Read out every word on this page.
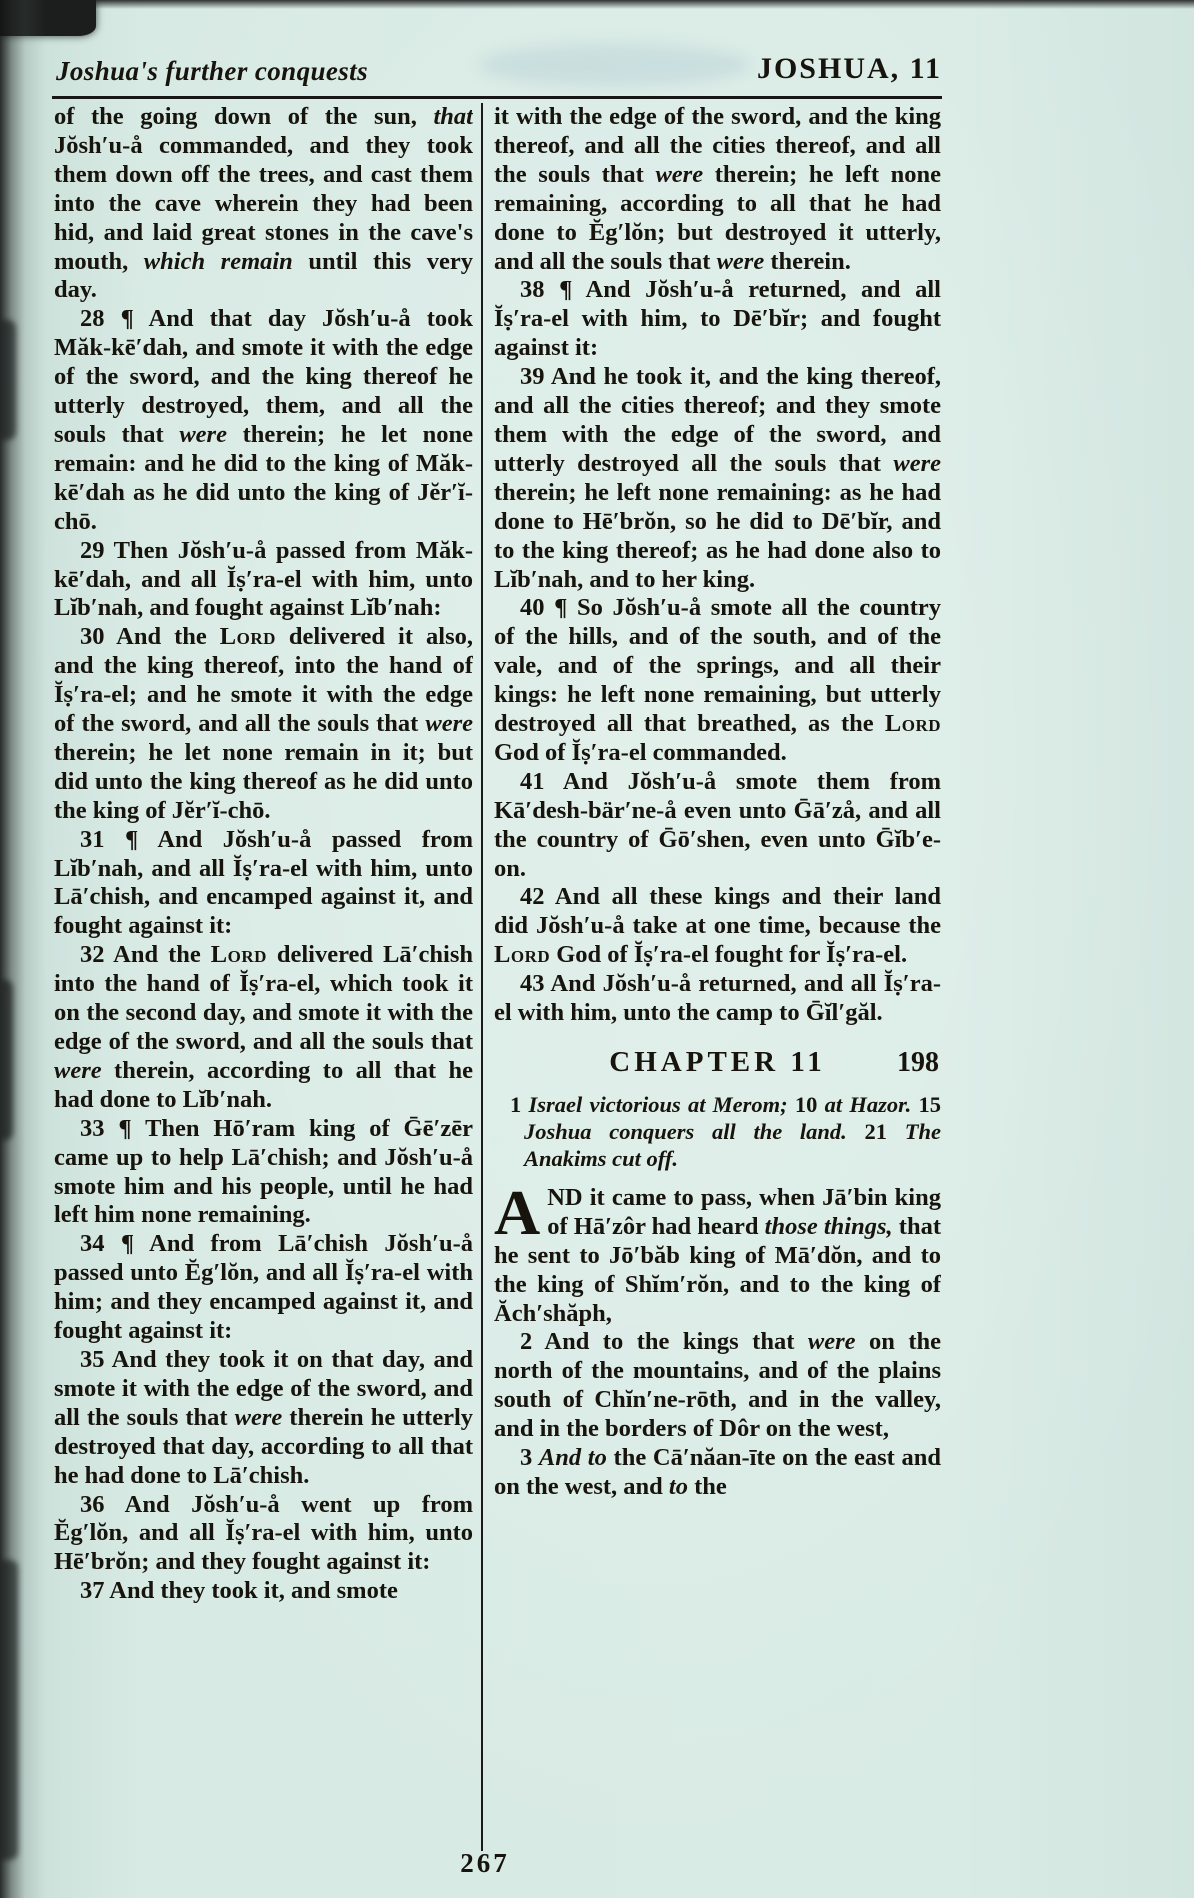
Joshua's further conquests	JOSHUA, 11

of the going down of the sun, that Jŏsh′u-å commanded, and they took them down off the trees, and cast them into the cave wherein they had been hid, and laid great stones in the cave's mouth, which remain until this very day.

28 ¶ And that day Jŏsh′u-å took Măk-kē′dah, and smote it with the edge of the sword, and the king thereof he utterly destroyed, them, and all the souls that were therein; he let none remain: and he did to the king of Măk-kē′dah as he did unto the king of Jĕr′ĭ-chō.

29 Then Jŏsh′u-å passed from Măk-kē′dah, and all Ĭṣ′ra-el with him, unto Lĭb′nah, and fought against Lĭb′nah:

30 And the Lord delivered it also, and the king thereof, into the hand of Ĭṣ′ra-el; and he smote it with the edge of the sword, and all the souls that were therein; he let none remain in it; but did unto the king thereof as he did unto the king of Jĕr′ĭ-chō.

31 ¶ And Jŏsh′u-å passed from Lĭb′nah, and all Ĭṣ′ra-el with him, unto Lā′chish, and encamped against it, and fought against it:

32 And the Lord delivered Lā′chish into the hand of Ĭṣ′ra-el, which took it on the second day, and smote it with the edge of the sword, and all the souls that were therein, according to all that he had done to Lĭb′nah.

33 ¶ Then Hō′ram king of Ḡē′zēr came up to help Lā′chish; and Jŏsh′u-å smote him and his people, until he had left him none remaining.

34 ¶ And from Lā′chish Jŏsh′u-å passed unto Ĕg′lŏn, and all Ĭṣ′ra-el with him; and they encamped against it, and fought against it:

35 And they took it on that day, and smote it with the edge of the sword, and all the souls that were therein he utterly destroyed that day, according to all that he had done to Lā′chish.

36 And Jŏsh′u-å went up from Ĕg′lŏn, and all Ĭṣ′ra-el with him, unto Hē′brŏn; and they fought against it:

37 And they took it, and smote

it with the edge of the sword, and the king thereof, and all the cities thereof, and all the souls that were therein; he left none remaining, according to all that he had done to Ĕg′lŏn; but destroyed it utterly, and all the souls that were therein.

38 ¶ And Jŏsh′u-å returned, and all Ĭṣ′ra-el with him, to Dē′bĭr; and fought against it:

39 And he took it, and the king thereof, and all the cities thereof; and they smote them with the edge of the sword, and utterly destroyed all the souls that were therein; he left none remaining: as he had done to Hē′brŏn, so he did to Dē′bĭr, and to the king thereof; as he had done also to Lĭb′nah, and to her king.

40 ¶ So Jŏsh′u-å smote all the country of the hills, and of the south, and of the vale, and of the springs, and all their kings: he left none remaining, but utterly destroyed all that breathed, as the Lord God of Ĭṣ′ra-el commanded.

41 And Jŏsh′u-å smote them from Kā′desh-bär′ne-å even unto Ḡā′zå, and all the country of Ḡō′shen, even unto Ḡĭb′e-on.

42 And all these kings and their land did Jŏsh′u-å take at one time, because the Lord God of Ĭṣ′ra-el fought for Ĭṣ′ra-el.

43 And Jŏsh′u-å returned, and all Ĭṣ′ra-el with him, unto the camp to Ḡĭl′găl.

CHAPTER 11	198

1 Israel victorious at Merom; 10 at Hazor. 15 Joshua conquers all the land. 21 The Anakims cut off.

AND it came to pass, when Jā′bin king of Hā′zôr had heard those things, that he sent to Jō′băb king of Mā′dŏn, and to the king of Shĭm′rŏn, and to the king of Ăch′shăph,

2 And to the kings that were on the north of the mountains, and of the plains south of Chĭn′ne-rōth, and in the valley, and in the borders of Dôr on the west,

3 And to the Cā′năan-īte on the east and on the west, and to the

267
